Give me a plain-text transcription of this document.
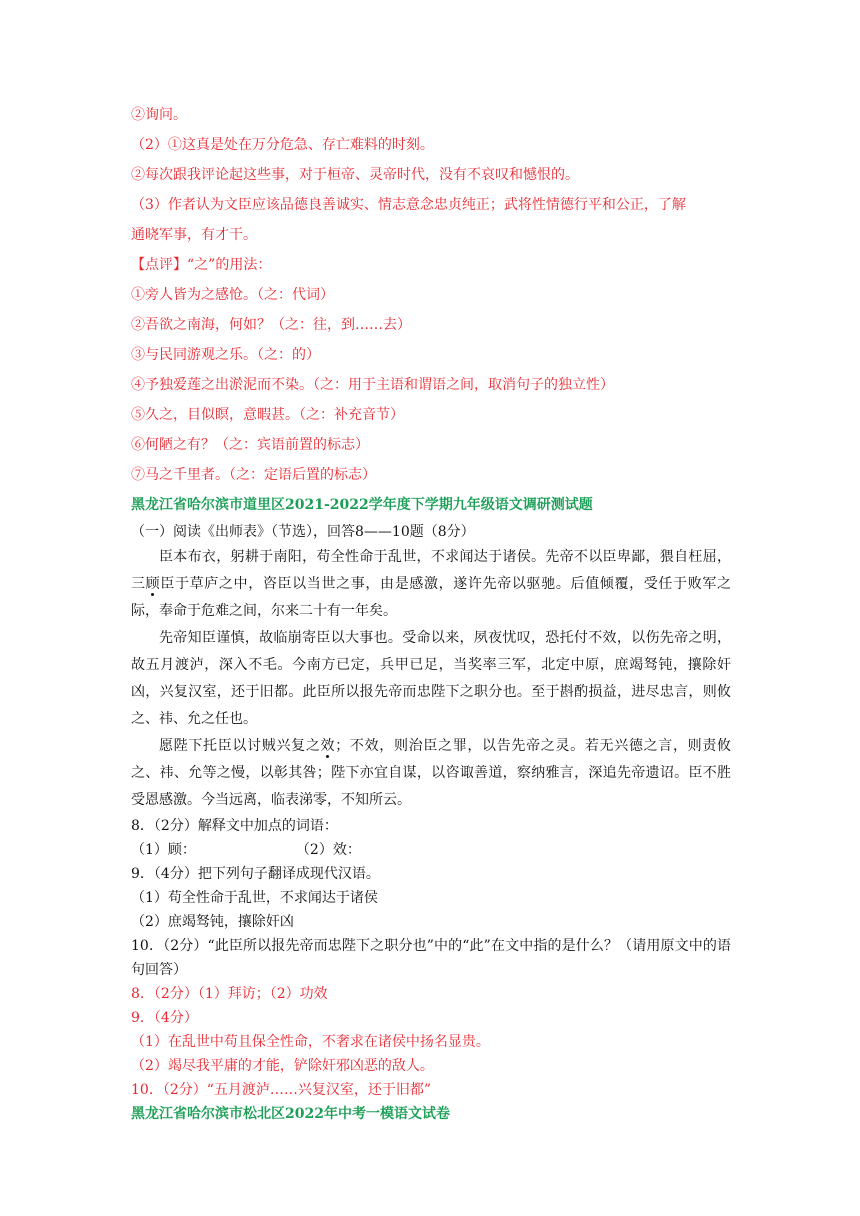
②询问。
（2）①这真是处在万分危急、存亡难料的时刻。
②每次跟我评论起这些事，对于桓帝、灵帝时代，没有不哀叹和憾恨的。
（3）作者认为文臣应该品德良善诚实、情志意念忠贞纯正；武将性情德行平和公正，了解
通晓军事，有才干。
【点评】“之”的用法：
①旁人皆为之感怆。（之：代词）
②吾欲之南海，何如？（之：往，到……去）
③与民同游观之乐。（之：的）
④予独爱莲之出淤泥而不染。（之：用于主语和谓语之间，取消句子的独立性）
⑤久之，目似瞑，意暇甚。（之：补充音节）
⑥何陋之有？（之：宾语前置的标志）
⑦马之千里者。（之：定语后置的标志）
黑龙江省哈尔滨市道里区2021-2022学年度下学期九年级语文调研测试题
（一）阅读《出师表》（节选），回答8——10题（8分）
臣本布衣，躬耕于南阳，苟全性命于乱世，不求闻达于诸侯。先帝不以臣卑鄙，猥自枉屈，三顾臣于草庐之中，咨臣以当世之事，由是感激，遂许先帝以驱驰。后值倾覆，受任于败军之际，奉命于危难之间，尔来二十有一年矣。
先帝知臣谨慎，故临崩寄臣以大事也。受命以来，夙夜忧叹，恐托付不效，以伤先帝之明，故五月渡泸，深入不毛。今南方已定，兵甲已足，当奖率三军，北定中原，庶竭驽钝，攘除奸凶，兴复汉室，还于旧都。此臣所以报先帝而忠陛下之职分也。至于斟酌损益，进尽忠言，则攸之、祎、允之任也。
愿陛下托臣以讨贼兴复之效；不效，则治臣之罪，以告先帝之灵。若无兴德之言，则责攸之、祎、允等之慢，以彰其咎；陛下亦宜自谋，以咨诹善道，察纳雅言，深追先帝遗诏。臣不胜受恩感激。今当远离，临表涕零，不知所云。
8．（2分）解释文中加点的词语：
（1）顾：	（2）效：
9．（4分）把下列句子翻译成现代汉语。
（1）苟全性命于乱世，不求闻达于诸侯
（2）庶竭驽钝，攘除奸凶
10．（2分）“此臣所以报先帝而忠陛下之职分也”中的“此”在文中指的是什么？（请用原文中的语句回答）
8．（2分）（1）拜访；（2）功效
9．（4分）
（1）在乱世中苟且保全性命，不奢求在诸侯中扬名显贵。
（2）竭尽我平庸的才能，铲除奸邪凶恶的敌人。
10．（2分）“五月渡泸……兴复汉室，还于旧都”
黑龙江省哈尔滨市松北区2022年中考一模语文试卷
